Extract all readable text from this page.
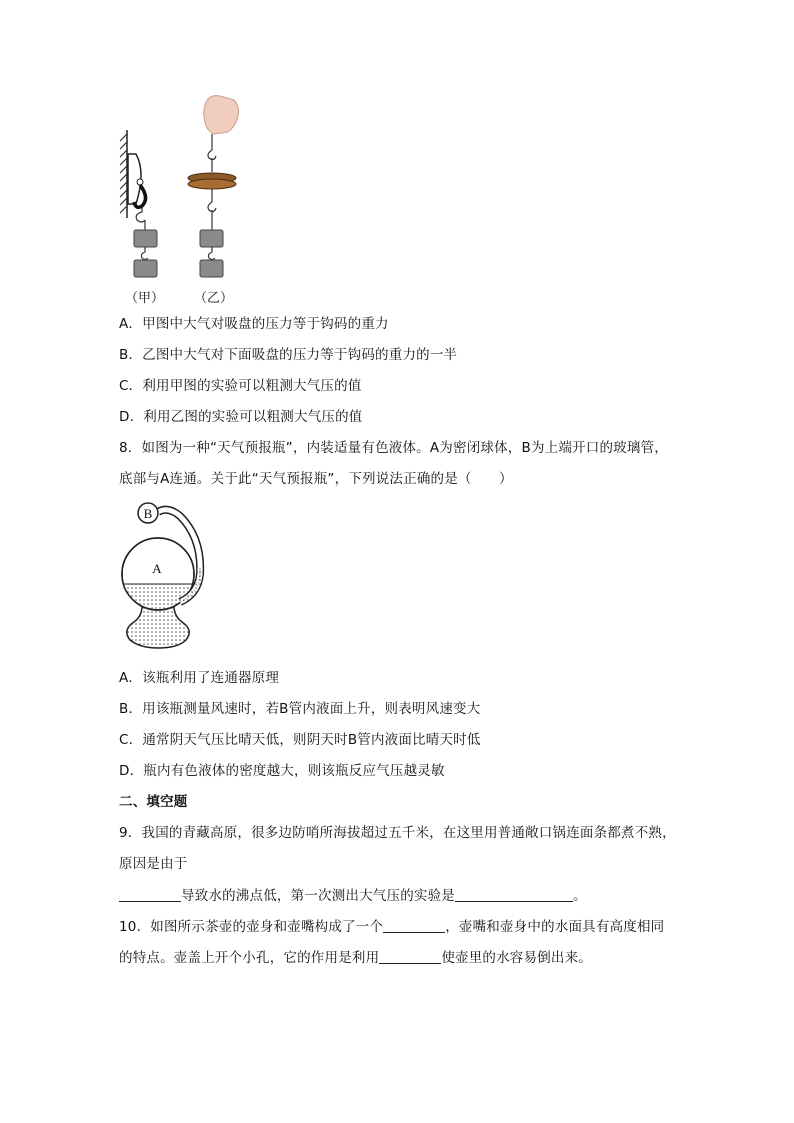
（甲） （乙）
A．甲图中大气对吸盘的压力等于钩码的重力
B．乙图中大气对下面吸盘的压力等于钩码的重力的一半
C．利用甲图的实验可以粗测大气压的值
D．利用乙图的实验可以粗测大气压的值
8．如图为一种“天气预报瓶”，内装适量有色液体。A为密闭球体，B为上端开口的玻璃管，
底部与A连通。关于此“天气预报瓶”，下列说法正确的是（　　）
B
A
A．该瓶利用了连通器原理
B．用该瓶测量风速时，若B管内液面上升，则表明风速变大
C．通常阴天气压比晴天低，则阴天时B管内液面比晴天时低
D．瓶内有色液体的密度越大，则该瓶反应气压越灵敏
二、填空题
9．我国的青藏高原，很多边防哨所海拔超过五千米，在这里用普通敞口锅连面条都煮不熟，
原因是由于
导致水的沸点低，第一次测出大气压的实验是	。
10．如图所示茶壶的壶身和壶嘴构成了一个	，壶嘴和壶身中的水面具有高度相同
的特点。壶盖上开个小孔，它的作用是利用	使壶里的水容易倒出来。
